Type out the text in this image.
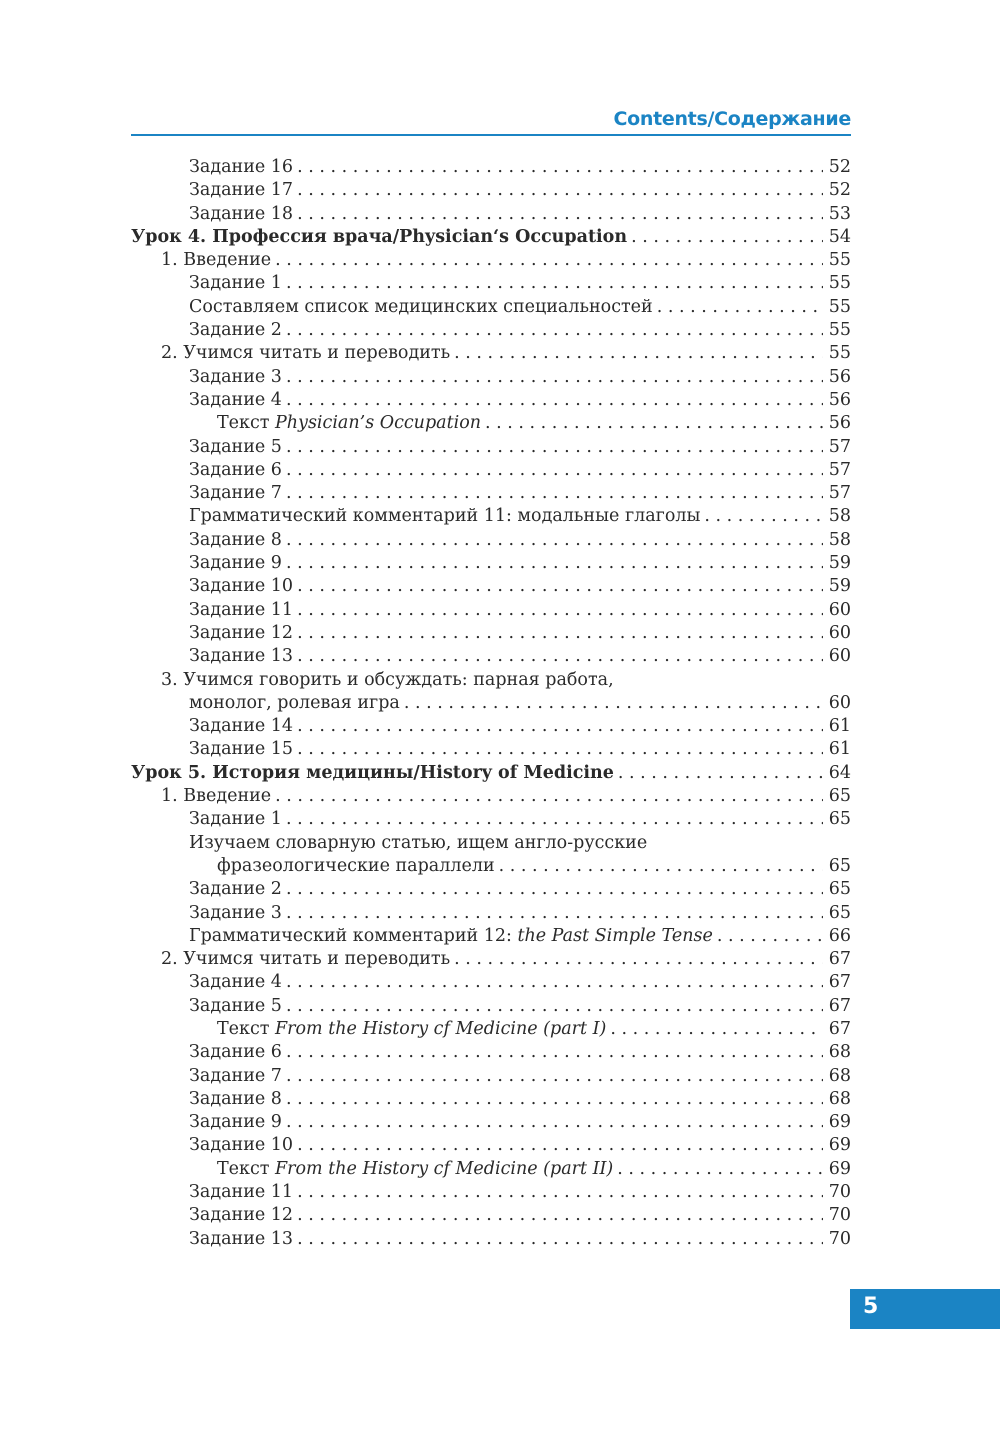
Contents/Содержание
Задание 16 . . .	52
Задание 17 . . .	52
Задание 18 . . .	53
Урок 4. Профессия врача/Physician‘s Occupation . . .	54
1. Введение . . .	55
Задание 1 . . .	55
Составляем список медицинских специальностей . . .	55
Задание 2 . . .	55
2. Учимся читать и переводить . . .	55
Задание 3 . . .	56
Задание 4 . . .	56
Текст Physician’s Occupation . . .	56
Задание 5 . . .	57
Задание 6 . . .	57
Задание 7 . . .	57
Грамматический комментарий 11: модальные глаголы . . .	58
Задание 8 . . .	58
Задание 9 . . .	59
Задание 10 . . .	59
Задание 11 . . .	60
Задание 12 . . .	60
Задание 13 . . .	60
3. Учимся говорить и обсуждать: парная работа,
монолог, ролевая игра . . .	60
Задание 14 . . .	61
Задание 15 . . .	61
Урок 5. История медицины/History of Medicine . . .	64
1. Введение . . .	65
Задание 1 . . .	65
Изучаем словарную статью, ищем англо-русские
фразеологические параллели . . .	65
Задание 2 . . .	65
Задание 3 . . .	65
Грамматический комментарий 12: the Past Simple Tense . . .	66
2. Учимся читать и переводить . . .	67
Задание 4 . . .	67
Задание 5 . . .	67
Текст From the History cf Medicine (part I) . . .	67
Задание 6 . . .	68
Задание 7 . . .	68
Задание 8 . . .	68
Задание 9 . . .	69
Задание 10 . . .	69
Текст From the History cf Medicine (part II) . . .	69
Задание 11 . . .	70
Задание 12 . . .	70
Задание 13 . . .	70
5
